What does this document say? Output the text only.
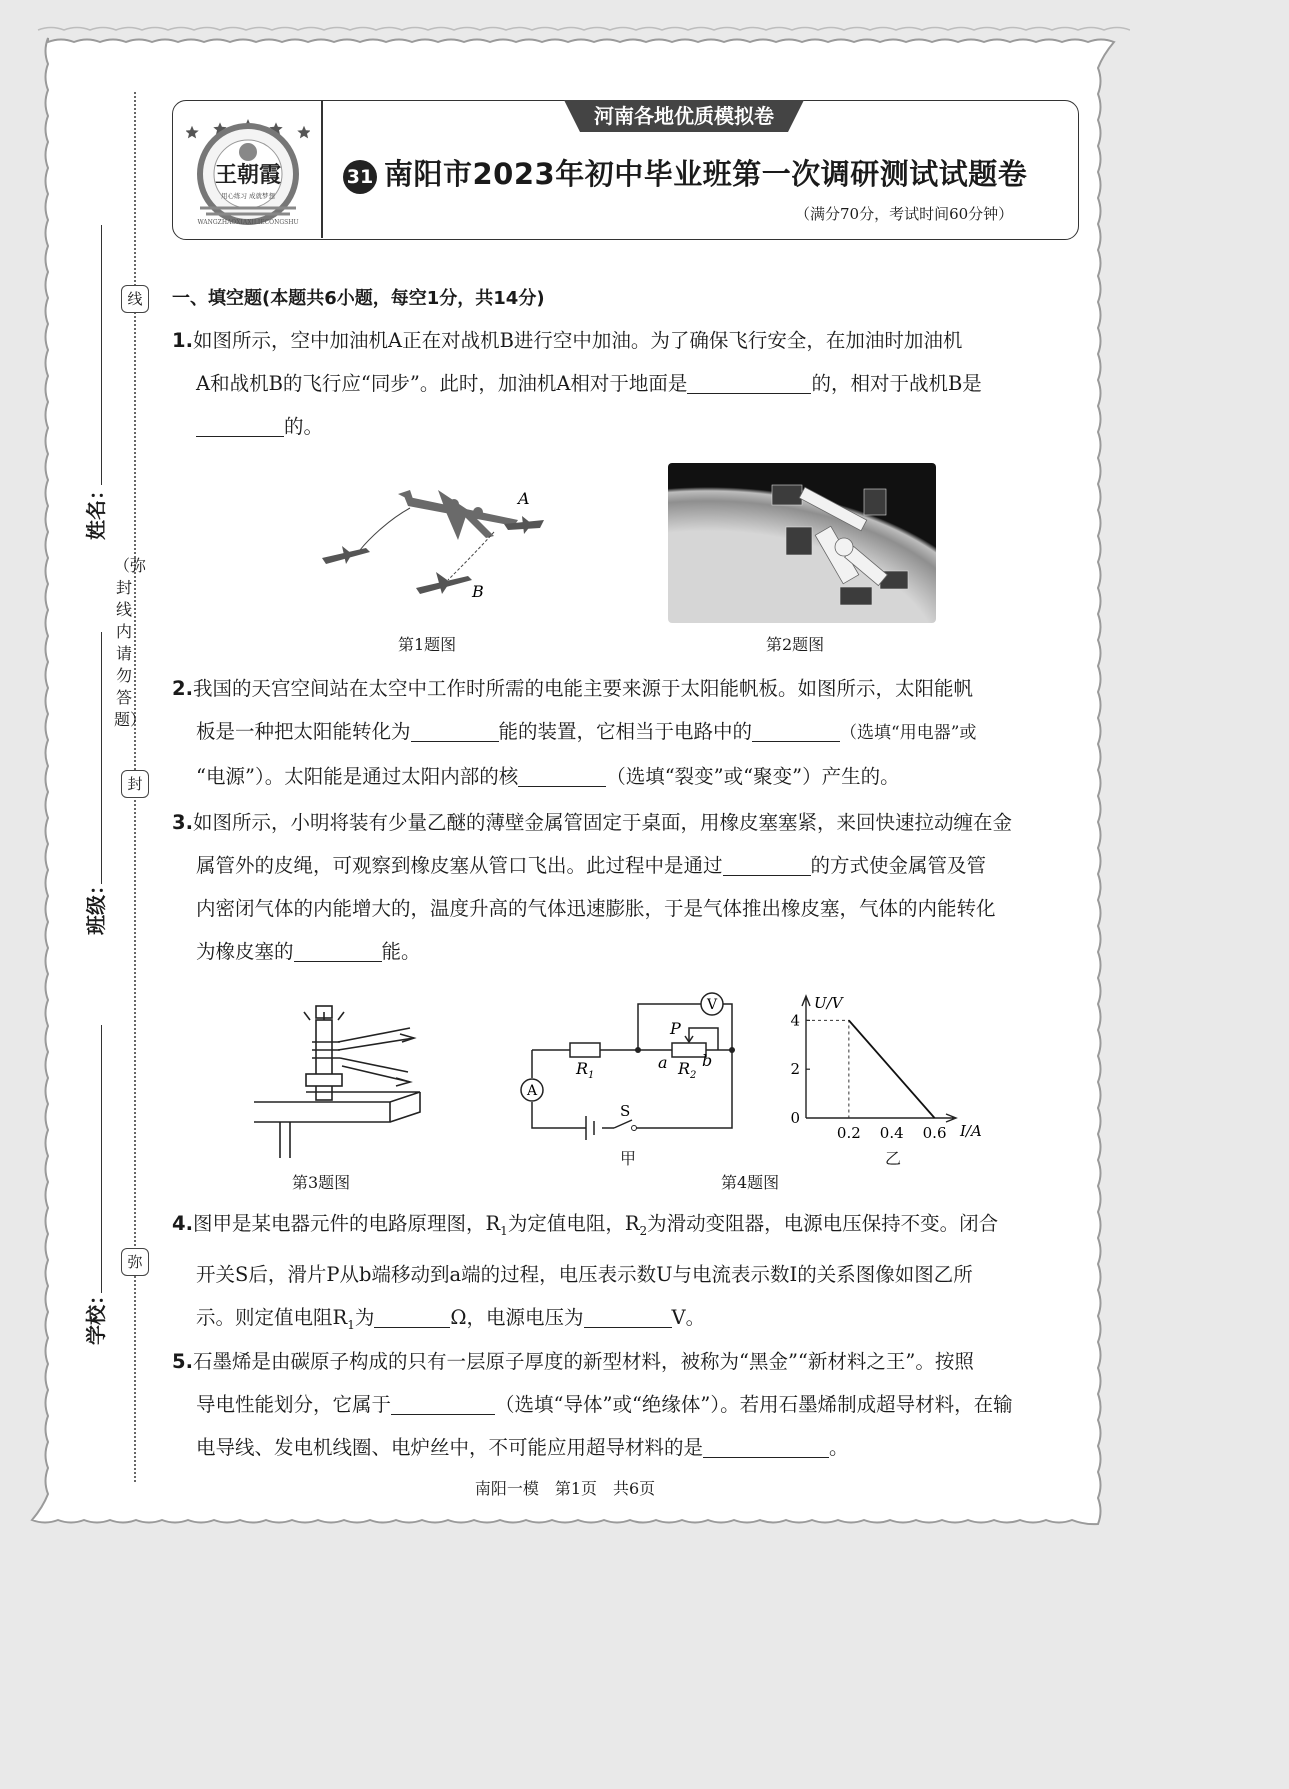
河南各地优质模拟卷
王朝霞
用心练习 成就梦想
WANGZHAOXIAXILIECONGSHU
31 南阳市2023年初中毕业班第一次调研测试试题卷
（满分70分，考试时间60分钟）
线
封
弥
（弥封线内请勿答题）
姓名：
班级：
学校：
一、填空题(本题共6小题，每空1分，共14分)
1.如图所示，空中加油机A正在对战机B进行空中加油。为了确保飞行安全，在加油时加油机
A和战机B的飞行应“同步”。此时，加油机A相对于地面是	的，相对于战机B是
的。
A
B
第1题图	第2题图
2.我国的天宫空间站在太空中工作时所需的电能主要来源于太阳能帆板。如图所示，太阳能帆
板是一种把太阳能转化为	能的装置，它相当于电路中的	（选填“用电器”或
“电源”）。太阳能是通过太阳内部的核	（选填“裂变”或“聚变”）产生的。
3.如图所示，小明将装有少量乙醚的薄壁金属管固定于桌面，用橡皮塞塞紧，来回快速拉动缠在金
属管外的皮绳，可观察到橡皮塞从管口飞出。此过程中是通过	的方式使金属管及管
内密闭气体的内能增大的，温度升高的气体迅速膨胀，于是气体推出橡皮塞，气体的内能转化
为橡皮塞的	能。
第3题图
V
A
$R_1$	$R_2$
a b
P
S
甲
0.2 0.4 0.6
0
2
4
U/V
I/A
乙
第4题图
4.图甲是某电器元件的电路原理图，$R_1$为定值电阻，$R_2$为滑动变阻器，电源电压保持不变。闭合
开关S后，滑片P从b端移动到a端的过程，电压表示数U与电流表示数I的关系图像如图乙所
示。则定值电阻$R_1$为	Ω，电源电压为	V。
5.石墨烯是由碳原子构成的只有一层原子厚度的新型材料，被称为“黑金”“新材料之王”。按照
导电性能划分，它属于	（选填“导体”或“绝缘体”）。若用石墨烯制成超导材料，在输
电导线、发电机线圈、电炉丝中，不可能应用超导材料的是	。
南阳一模　第1页　共6页
